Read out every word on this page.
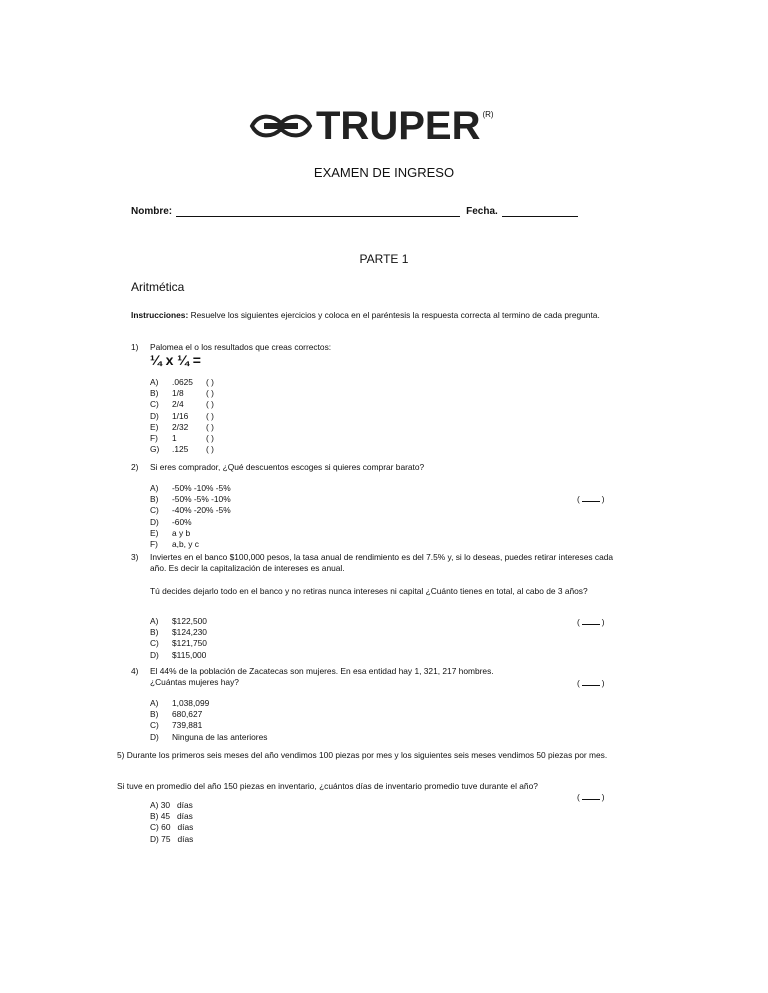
TRUPER (R)
EXAMEN DE INGRESO
Nombre:	Fecha.
PARTE 1
Aritmética
Instrucciones: Resuelve los siguientes ejercicios y coloca en el paréntesis la respuesta correcta al termino de cada pregunta.
1) Palomea el o los resultados que creas correctos:
¼ x ¼ =
A)	.0625	( )
B)	1/8	( )
C)	2/4	( )
D)	1/16	( )
E)	2/32	( )
F)	1	( )
G)	.125	( )
2) Si eres comprador, ¿Qué descuentos escoges si quieres comprar barato?
A)	-50% -10% -5%
B)	-50% -5% -10%
C)	-40% -20% -5%
D)	-60%
E)	a y b
F)	a,b, y c
(	)
3) Inviertes en el banco $100,000 pesos, la tasa anual de rendimiento es del 7.5% y, si lo deseas, puedes retirar intereses cada año. Es decir la capitalización de intereses es anual.
Tú decides dejarlo todo en el banco y no retiras nunca intereses ni capital ¿Cuánto tienes en total, al cabo de 3 años?
A)	$122,500
B)	$124,230
C)	$121,750
D)	$115,000
(	)
4) El 44% de la población de Zacatecas son mujeres. En esa entidad hay 1, 321, 217 hombres.
¿Cuántas mujeres hay?	(	)
A)	1,038,099
B)	680,627
C)	739,881
D)	Ninguna de las anteriores
5) Durante los primeros seis meses del año vendimos 100 piezas por mes y los siguientes seis meses vendimos 50 piezas por mes.
Si tuve en promedio del año 150 piezas en inventario, ¿cuántos días de inventario promedio tuve durante el año?
(	)
A) 30   días
B) 45   días
C) 60   días
D) 75   días
